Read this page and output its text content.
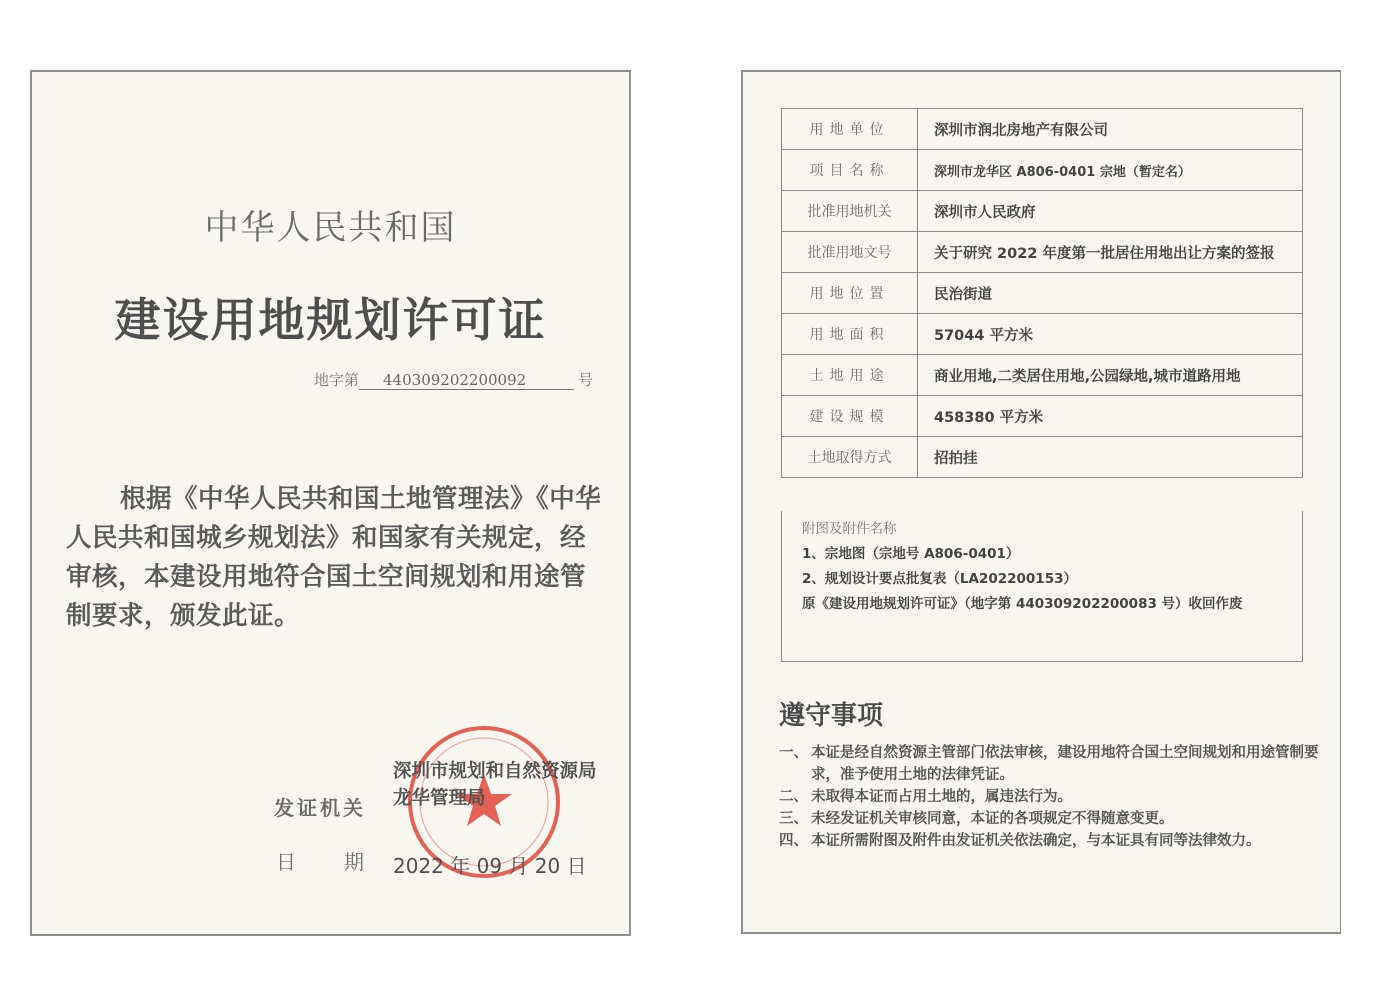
中华人民共和国
建设用地规划许可证
地字第 440309202200092	号
根据《中华人民共和国土地管理法》《中华人民共和国城乡规划法》和国家有关规定，经审核，本建设用地符合国土空间规划和用途管制要求，颁发此证。
发证机关
深圳市规划和自然资源局
龙华管理局
日 期 2022 年 09 月 20 日
用地单位	深圳市润北房地产有限公司
项目名称	深圳市龙华区 A806-0401 宗地（暂定名）
批准用地机关	深圳市人民政府
批准用地文号	关于研究 2022 年度第一批居住用地出让方案的签报
用地位置	民治街道
用地面积	57044 平方米
土地用途	商业用地,二类居住用地,公园绿地,城市道路用地
建设规模	458380 平方米
土地取得方式	招拍挂
附图及附件名称
1、宗地图（宗地号 A806-0401）
2、规划设计要点批复表（LA202200153）
原《建设用地规划许可证》（地字第 440309202200083 号）收回作废
遵守事项
一、 本证是经自然资源主管部门依法审核，建设用地符合国土空间规划和用途管制要求，准予使用土地的法律凭证。
二、 未取得本证而占用土地的，属违法行为。
三、 未经发证机关审核同意，本证的各项规定不得随意变更。
四、 本证所需附图及附件由发证机关依法确定，与本证具有同等法律效力。
